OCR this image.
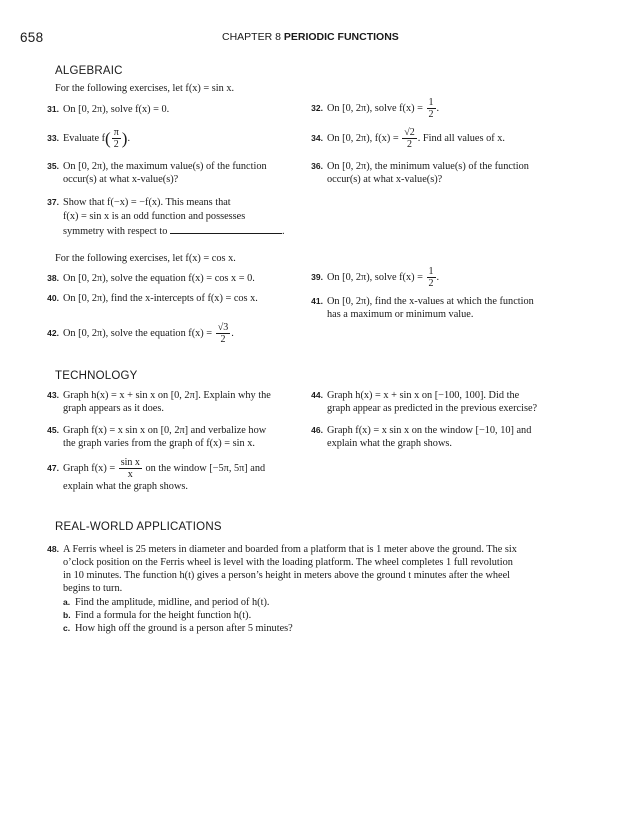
658	CHAPTER 8 PERIODIC FUNCTIONS
ALGEBRAIC
For the following exercises, let f(x) = sin x.
31. On [0, 2π), solve f(x) = 0.	32. On [0, 2π), solve $f(x) = \frac{1}{2}$ .
33. Evaluate $f( \frac{\pi}{2}$ ).	34. On [0, 2π), $f(x) = \frac{√2}{2}$ . Find all values of x.
35. On [0, 2π), the maximum value(s) of the function
occur(s) at what x-value(s)?
36. On [0, 2π), the minimum value(s) of the function
occur(s) at what x-value(s)?
37. Show that f(−x) = −f(x). This means that
f(x) = sin x is an odd function and possesses
symmetry with respect to	.
For the following exercises, let f(x) = cos x.
38. On [0, 2π), solve the equation f(x) = cos x = 0.	39. On [0, 2π), solve $f(x) = \frac{1}{2}$ .
40. On [0, 2π), find the x-intercepts of f(x) = cos x.	41. On [0, 2π), find the x-values at which the function
has a maximum or minimum value.
42. On [0, 2π), solve the equation $f(x) = \frac{√3}{2}$ .
TECHNOLOGY
43. Graph h(x) = x + sin x on [0, 2π]. Explain why the
graph appears as it does.
44. Graph h(x) = x + sin x on [−100, 100]. Did the
graph appear as predicted in the previous exercise?
45. Graph f(x) = x sin x on [0, 2π] and verbalize how
the graph varies from the graph of f(x) = sin x.
46. Graph f(x) = x sin x on the window [−10, 10] and
explain what the graph shows.
47. Graph $f(x) = \frac{\text{sin x}}{x}$ on the window [−5π, 5π] and
explain what the graph shows.
REAL-WORLD APPLICATIONS
48. A Ferris wheel is 25 meters in diameter and boarded from a platform that is 1 meter above the ground. The six
o’clock position on the Ferris wheel is level with the loading platform. The wheel completes 1 full revolution
in 10 minutes. The function h(t) gives a person’s height in meters above the ground t minutes after the wheel
begins to turn.
a. Find the amplitude, midline, and period of h(t).
b. Find a formula for the height function h(t).
c. How high off the ground is a person after 5 minutes?
